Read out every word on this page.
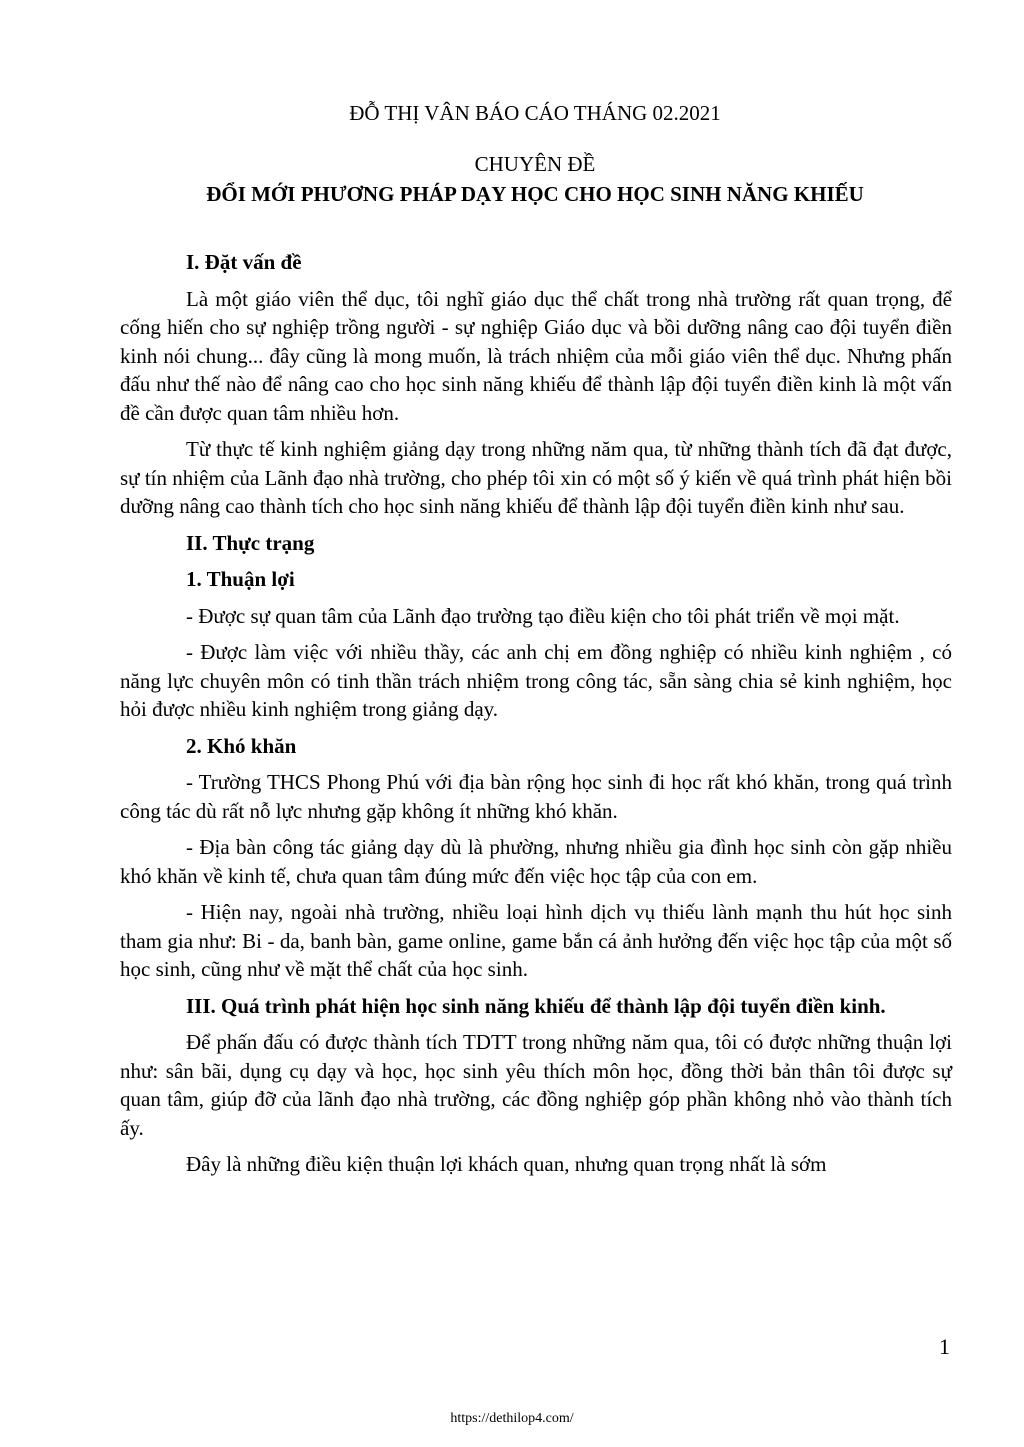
ĐỖ THỊ VÂN BÁO CÁO THÁNG 02.2021
CHUYÊN ĐỀ
ĐỔI MỚI PHƯƠNG PHÁP DẠY HỌC CHO HỌC SINH NĂNG KHIẾU
I. Đặt vấn đề

Là một giáo viên thể dục, tôi nghĩ giáo dục thể chất trong nhà trường rất quan trọng, để cống hiến cho sự nghiệp trồng người - sự nghiệp Giáo dục và bồi dưỡng nâng cao đội tuyển điền kinh nói chung... đây cũng là mong muốn, là trách nhiệm của mỗi giáo viên thể dục. Nhưng phấn đấu như thế nào để nâng cao cho học sinh năng khiếu để thành lập đội tuyển điền kinh là một vấn đề cần được quan tâm nhiều hơn.

Từ thực tế kinh nghiệm giảng dạy trong những năm qua, từ những thành tích đã đạt được, sự tín nhiệm của Lãnh đạo nhà trường, cho phép tôi xin có một số ý kiến về quá trình phát hiện bồi dưỡng nâng cao thành tích cho học sinh năng khiếu để thành lập đội tuyển điền kinh như sau.

II. Thực trạng
1. Thuận lợi

- Được sự quan tâm của Lãnh đạo trường tạo điều kiện cho tôi phát triển về mọi mặt.

- Được làm việc với nhiều thầy, các anh chị em đồng nghiệp có nhiều kinh nghiệm , có năng lực chuyên môn có tinh thần trách nhiệm trong công tác, sẵn sàng chia sẻ kinh nghiệm, học hỏi được nhiều kinh nghiệm trong giảng dạy.

2. Khó khăn

- Trường THCS Phong Phú với địa bàn rộng học sinh đi học rất khó khăn, trong quá trình công tác dù rất nỗ lực nhưng gặp không ít những khó khăn.

- Địa bàn công tác giảng dạy dù là phường, nhưng nhiều gia đình học sinh còn gặp nhiều khó khăn về kinh tế, chưa quan tâm đúng mức đến việc học tập của con em.

- Hiện nay, ngoài nhà trường, nhiều loại hình dịch vụ thiếu lành mạnh thu hút học sinh tham gia như: Bi - da, banh bàn, game online, game bắn cá ảnh hưởng đến việc học tập của một số học sinh, cũng như về mặt thể chất của học sinh.

III. Quá trình phát hiện học sinh năng khiếu để thành lập đội tuyển điền kinh.

Để phấn đấu có được thành tích TDTT trong những năm qua, tôi có được những thuận lợi như: sân bãi, dụng cụ dạy và học, học sinh yêu thích môn học, đồng thời bản thân tôi được sự quan tâm, giúp đỡ của lãnh đạo nhà trường, các đồng nghiệp góp phần không nhỏ vào thành tích ấy.

Đây là những điều kiện thuận lợi khách quan, nhưng quan trọng nhất là sớm

1
https://dethilop4.com/
